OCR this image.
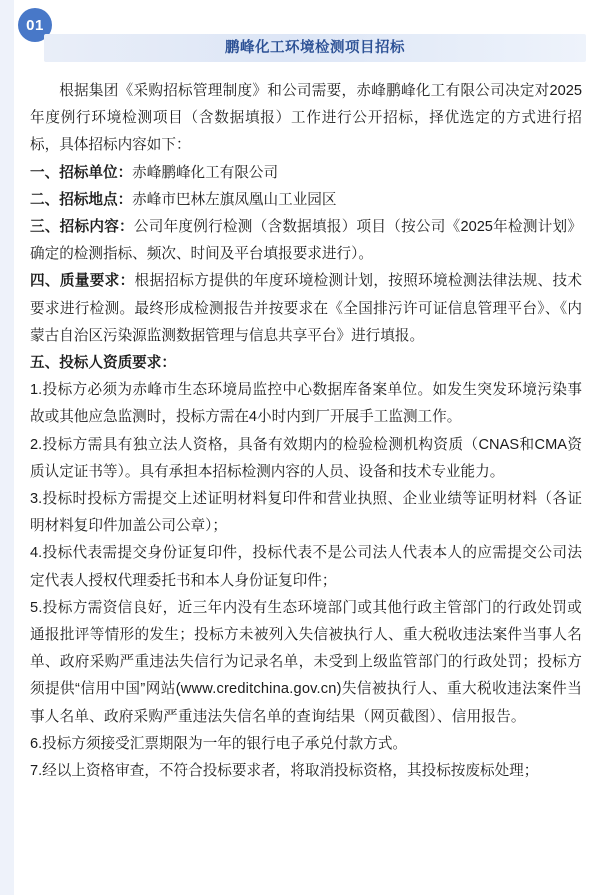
01
鹏峰化工环境检测项目招标

根据集团《采购招标管理制度》和公司需要，赤峰鹏峰化工有限公司决定对2025年度例行环境检测项目（含数据填报）工作进行公开招标，择优选定的方式进行招标，具体招标内容如下：

一、招标单位：赤峰鹏峰化工有限公司

二、招标地点：赤峰市巴林左旗凤凰山工业园区

三、招标内容：公司年度例行检测（含数据填报）项目（按公司《2025年检测计划》确定的检测指标、频次、时间及平台填报要求进行）。

四、质量要求：根据招标方提供的年度环境检测计划，按照环境检测法律法规、技术要求进行检测。最终形成检测报告并按要求在《全国排污许可证信息管理平台》、《内蒙古自治区污染源监测数据管理与信息共享平台》进行填报。

五、投标人资质要求：

1.投标方必须为赤峰市生态环境局监控中心数据库备案单位。如发生突发环境污染事故或其他应急监测时，投标方需在4小时内到厂开展手工监测工作。

2.投标方需具有独立法人资格，具备有效期内的检验检测机构资质（CNAS和CMA资质认定证书等）。具有承担本招标检测内容的人员、设备和技术专业能力。

3.投标时投标方需提交上述证明材料复印件和营业执照、企业业绩等证明材料（各证明材料复印件加盖公司公章）；

4.投标代表需提交身份证复印件，投标代表不是公司法人代表本人的应需提交公司法定代表人授权代理委托书和本人身份证复印件；

5.投标方需资信良好，近三年内没有生态环境部门或其他行政主管部门的行政处罚或通报批评等情形的发生；投标方未被列入失信被执行人、重大税收违法案件当事人名单、政府采购严重违法失信行为记录名单，未受到上级监管部门的行政处罚；投标方须提供“信用中国”网站(www.creditchina.gov.cn)失信被执行人、重大税收违法案件当事人名单、政府采购严重违法失信名单的查询结果（网页截图）、信用报告。

6.投标方须接受汇票期限为一年的银行电子承兑付款方式。

7.经以上资格审查，不符合投标要求者，将取消投标资格，其投标按废标处理；
